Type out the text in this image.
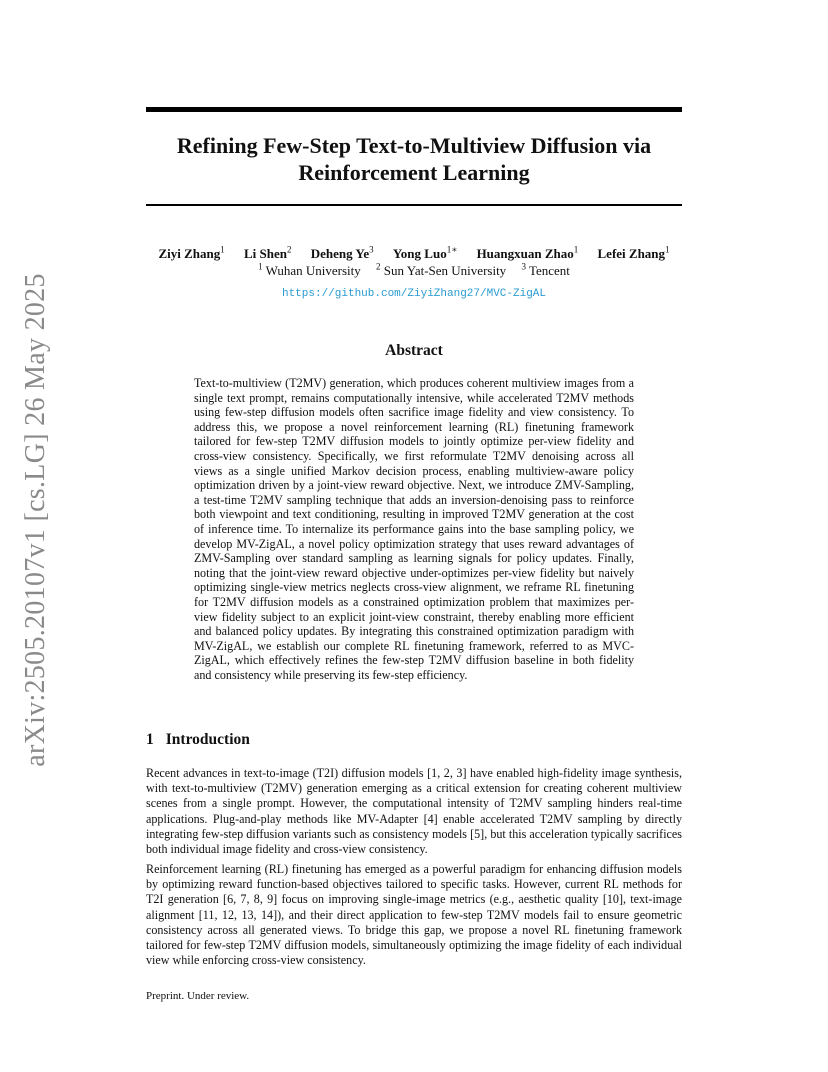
arXiv:2505.20107v1 [cs.LG] 26 May 2025
Refining Few-Step Text-to-Multiview Diffusion via
Reinforcement Learning
Ziyi Zhang$^1$ Li Shen$^2$ Deheng Ye$^3$ Yong Luo$^{1∗}$ Huangxuan Zhao$^1$ Lefei Zhang$^1$
$^1$ Wuhan University $^2$ Sun Yat-Sen University $^3$ Tencent
https://github.com/ZiyiZhang27/MVC-ZigAL
Abstract
Text-to-multiview (T2MV) generation, which produces coherent multiview images from a single text prompt, remains computationally intensive, while accelerated T2MV methods using few-step diffusion models often sacrifice image fidelity and view consistency. To address this, we propose a novel reinforcement learning (RL) finetuning framework tailored for few-step T2MV diffusion models to jointly optimize per-view fidelity and cross-view consistency. Specifically, we first reformulate T2MV denoising across all views as a single unified Markov decision process, enabling multiview-aware policy optimization driven by a joint-view reward objective. Next, we introduce ZMV-Sampling, a test-time T2MV sampling technique that adds an inversion-denoising pass to reinforce both viewpoint and text conditioning, resulting in improved T2MV generation at the cost of inference time. To internalize its performance gains into the base sampling policy, we develop MV-ZigAL, a novel policy optimization strategy that uses reward advantages of ZMV-Sampling over standard sampling as learning signals for policy updates. Finally, noting that the joint-view reward objective under-optimizes per-view fidelity but naively optimizing single-view metrics neglects cross-view alignment, we reframe RL finetuning for T2MV diffusion models as a constrained optimization problem that maximizes per-view fidelity subject to an explicit joint-view constraint, thereby enabling more efficient and balanced policy updates. By integrating this constrained optimization paradigm with MV-ZigAL, we establish our complete RL finetuning framework, referred to as MVC-ZigAL, which effectively refines the few-step T2MV diffusion baseline in both fidelity and consistency while preserving its few-step efficiency.
1 Introduction
Recent advances in text-to-image (T2I) diffusion models [1, 2, 3] have enabled high-fidelity image synthesis, with text-to-multiview (T2MV) generation emerging as a critical extension for creating coherent multiview scenes from a single prompt. However, the computational intensity of T2MV sampling hinders real-time applications. Plug-and-play methods like MV-Adapter [4] enable accelerated T2MV sampling by directly integrating few-step diffusion variants such as consistency models [5], but this acceleration typically sacrifices both individual image fidelity and cross-view consistency.
Reinforcement learning (RL) finetuning has emerged as a powerful paradigm for enhancing diffusion models by optimizing reward function-based objectives tailored to specific tasks. However, current RL methods for T2I generation [6, 7, 8, 9] focus on improving single-image metrics (e.g., aesthetic quality [10], text-image alignment [11, 12, 13, 14]), and their direct application to few-step T2MV models fail to ensure geometric consistency across all generated views. To bridge this gap, we propose a novel RL finetuning framework tailored for few-step T2MV diffusion models, simultaneously optimizing the image fidelity of each individual view while enforcing cross-view consistency.
Preprint. Under review.
